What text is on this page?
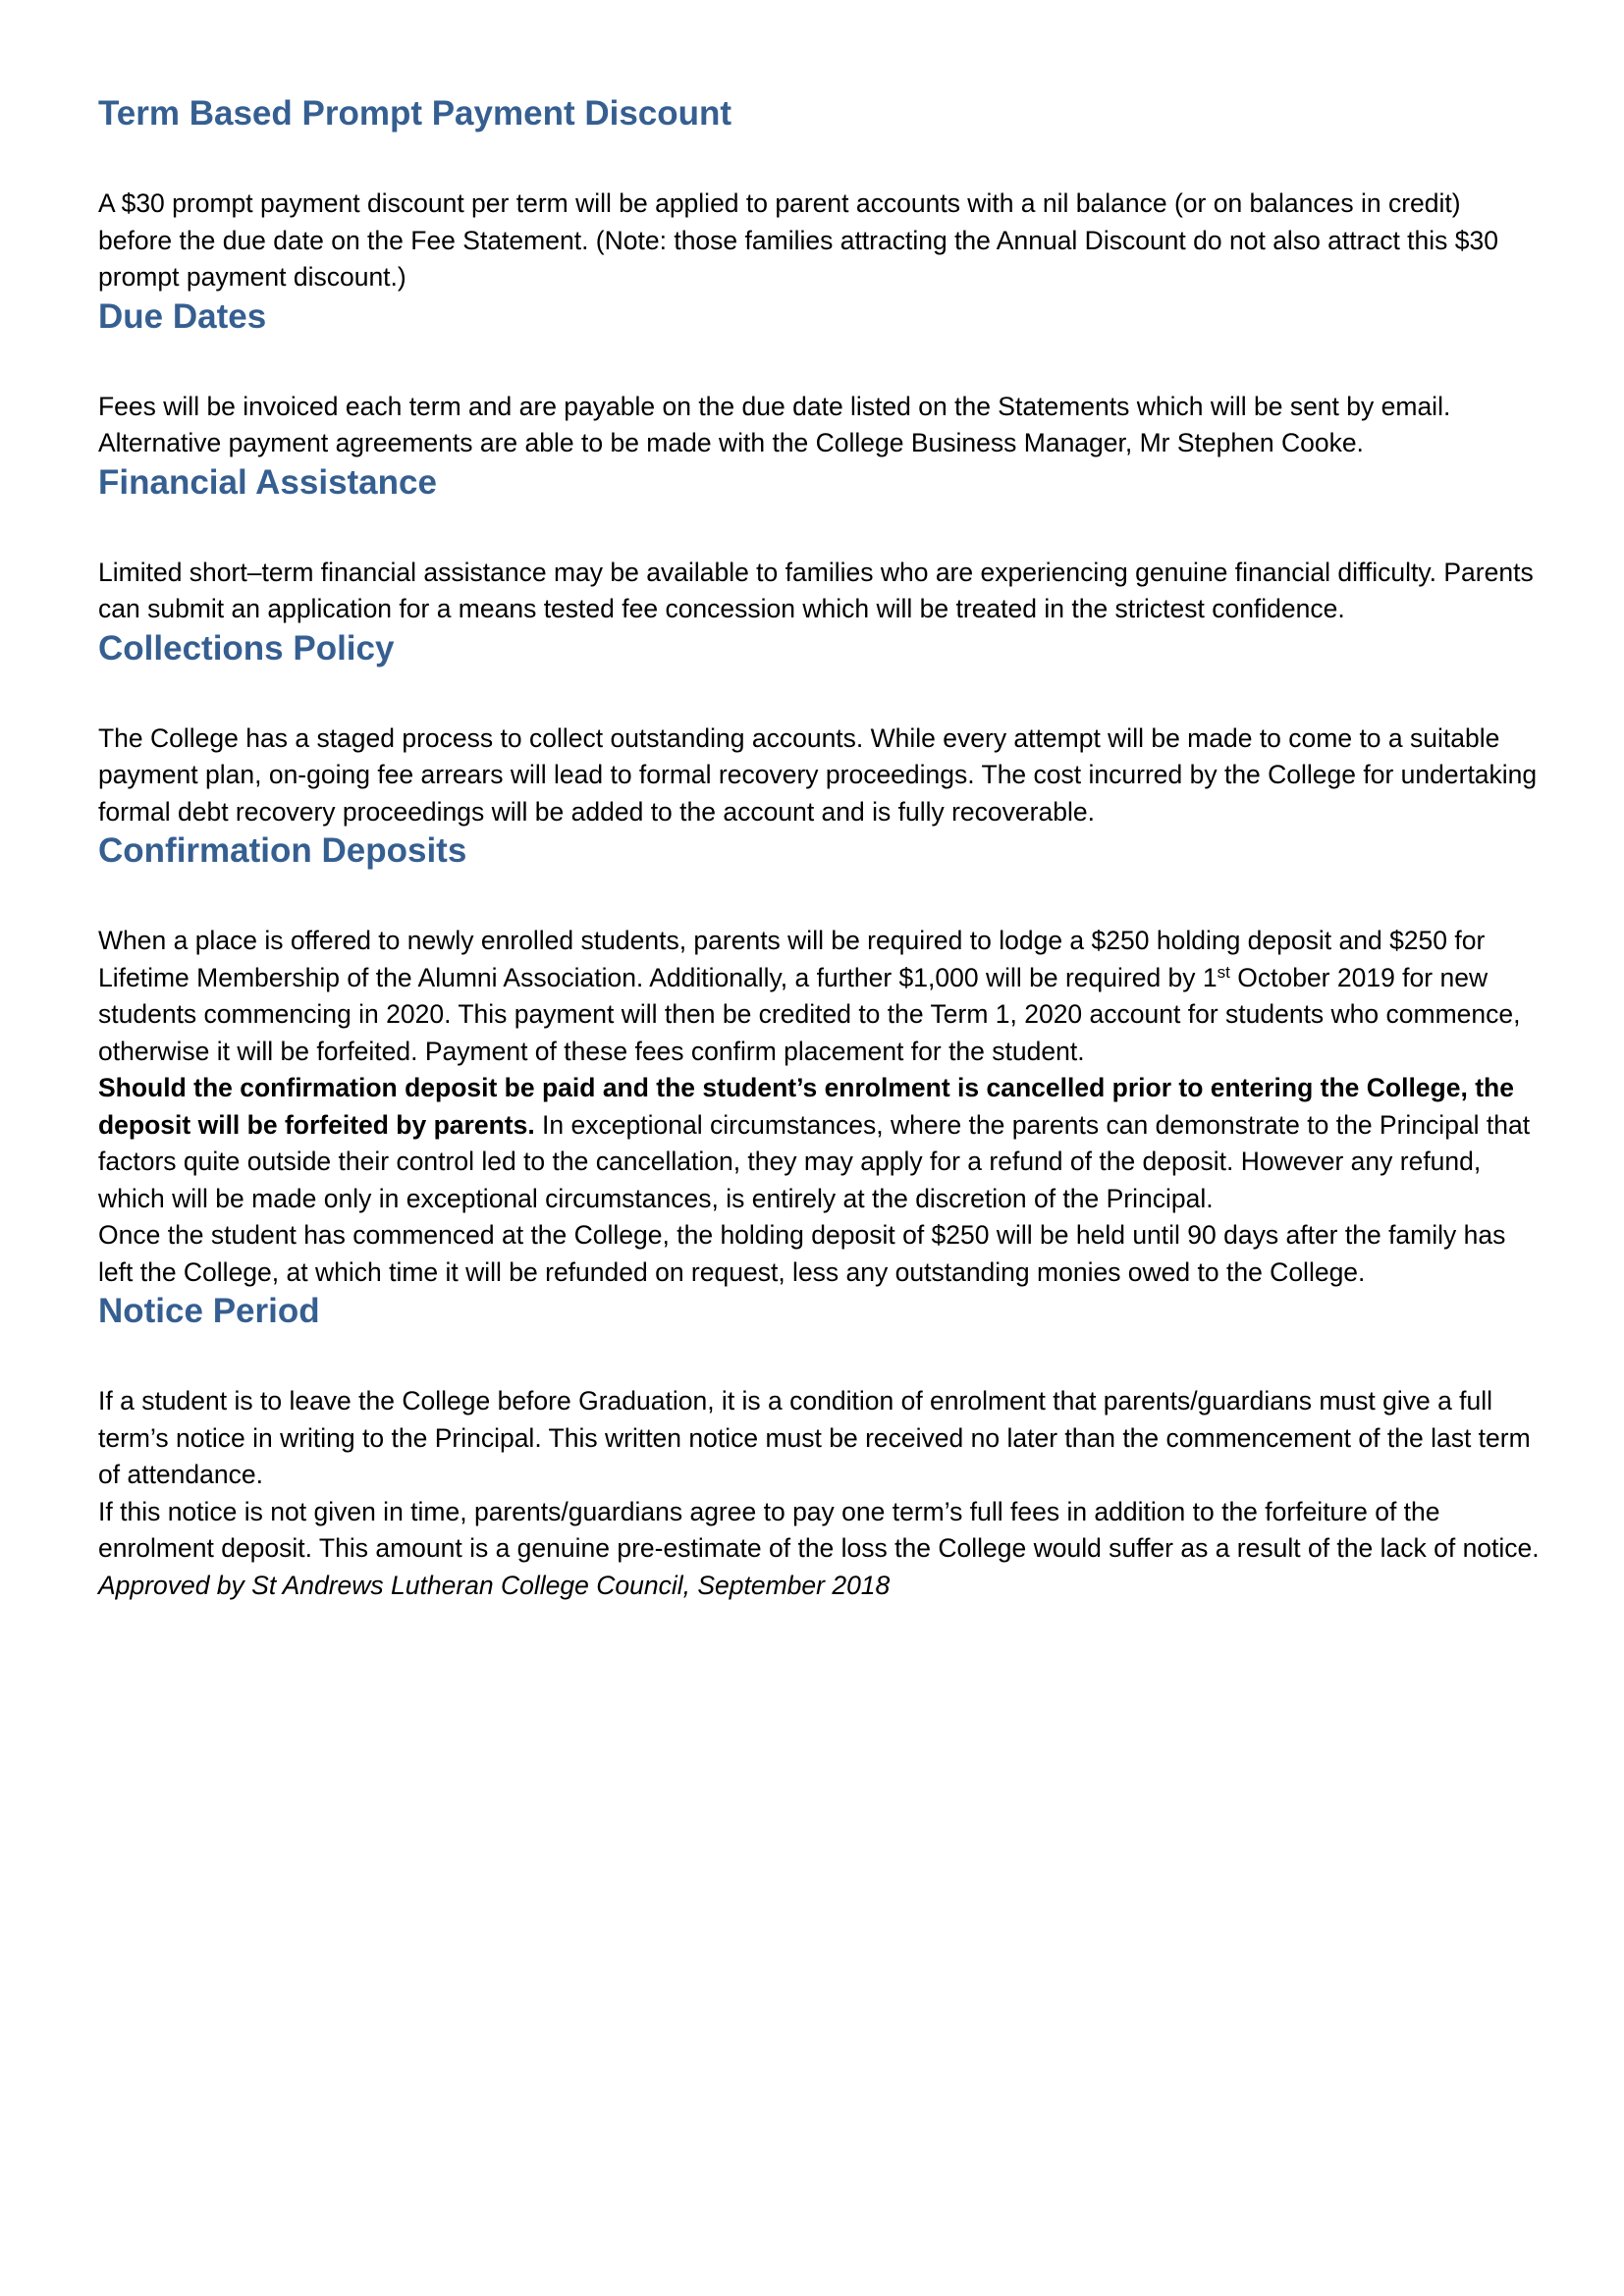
Term Based Prompt Payment Discount

A $30 prompt payment discount per term will be applied to parent accounts with a nil balance (or on balances in credit) before the due date on the Fee Statement. (Note: those families attracting the Annual Discount do not also attract this $30 prompt payment discount.)

Due Dates

Fees will be invoiced each term and are payable on the due date listed on the Statements which will be sent by email. Alternative payment agreements are able to be made with the College Business Manager, Mr Stephen Cooke.

Financial Assistance

Limited short–term financial assistance may be available to families who are experiencing genuine financial difficulty. Parents can submit an application for a means tested fee concession which will be treated in the strictest confidence.

Collections Policy

The College has a staged process to collect outstanding accounts. While every attempt will be made to come to a suitable payment plan, on-going fee arrears will lead to formal recovery proceedings. The cost incurred by the College for undertaking formal debt recovery proceedings will be added to the account and is fully recoverable.

Confirmation Deposits

When a place is offered to newly enrolled students, parents will be required to lodge a $250 holding deposit and $250 for Lifetime Membership of the Alumni Association. Additionally, a further $1,000 will be required by 1st October 2019 for new students commencing in 2020. This payment will then be credited to the Term 1, 2020 account for students who commence, otherwise it will be forfeited. Payment of these fees confirm placement for the student.

Should the confirmation deposit be paid and the student’s enrolment is cancelled prior to entering the College, the deposit will be forfeited by parents. In exceptional circumstances, where the parents can demonstrate to the Principal that factors quite outside their control led to the cancellation, they may apply for a refund of the deposit. However any refund, which will be made only in exceptional circumstances, is entirely at the discretion of the Principal.

Once the student has commenced at the College, the holding deposit of $250 will be held until 90 days after the family has left the College, at which time it will be refunded on request, less any outstanding monies owed to the College.

Notice Period

If a student is to leave the College before Graduation, it is a condition of enrolment that parents/guardians must give a full term’s notice in writing to the Principal. This written notice must be received no later than the commencement of the last term of attendance.

If this notice is not given in time, parents/guardians agree to pay one term’s full fees in addition to the forfeiture of the enrolment deposit. This amount is a genuine pre-estimate of the loss the College would suffer as a result of the lack of notice.

Approved by St Andrews Lutheran College Council, September 2018
